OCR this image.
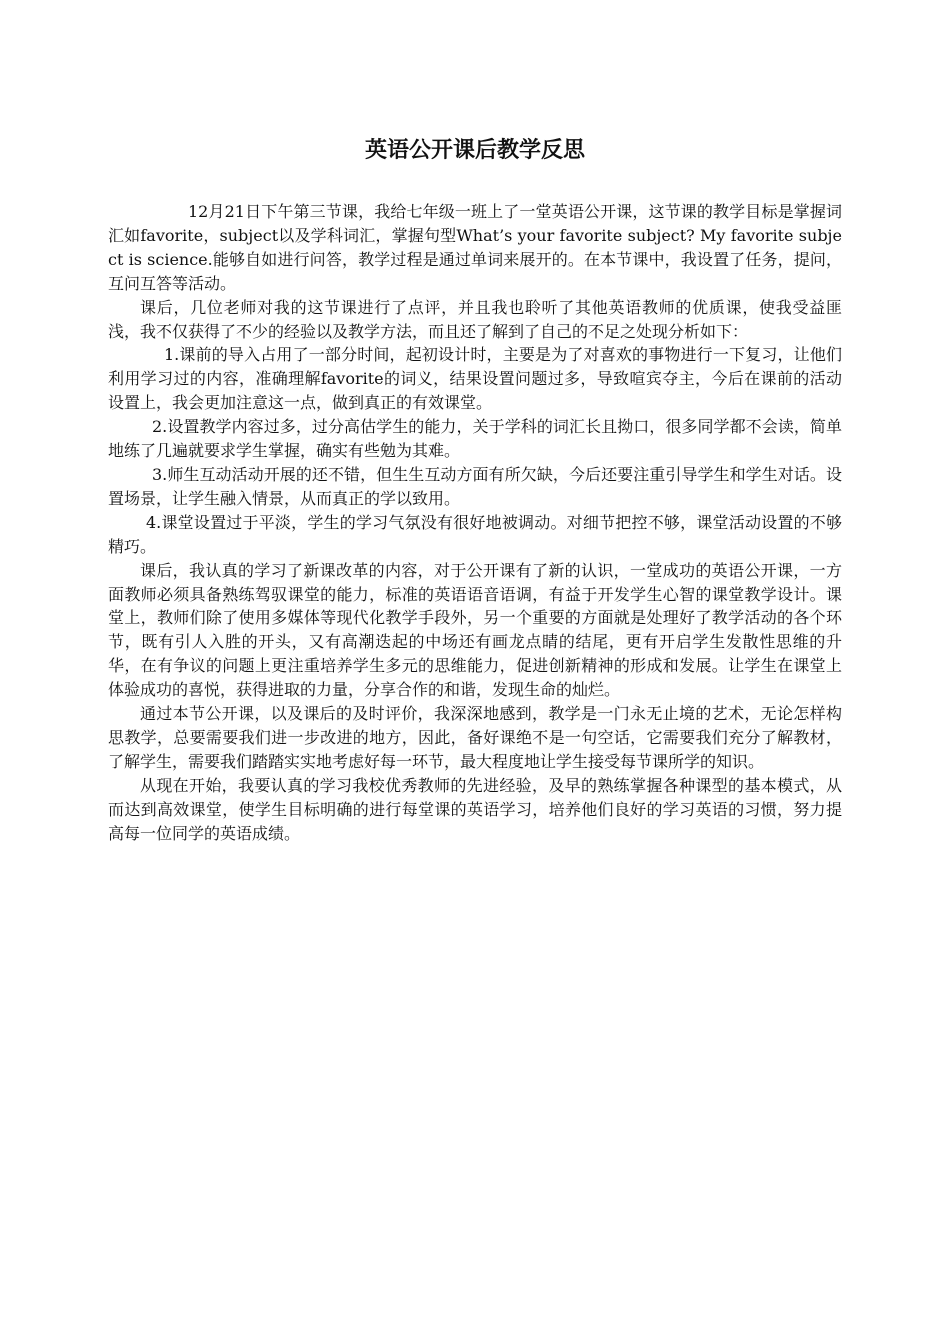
英语公开课后教学反思

12月21日下午第三节课，我给七年级一班上了一堂英语公开课，这节课的教学目标是掌握词汇如favorite，subject以及学科词汇，掌握句型What’s your favorite subject? My favorite subject is science.能够自如进行问答，教学过程是通过单词来展开的。在本节课中，我设置了任务，提问，互问互答等活动。

课后，几位老师对我的这节课进行了点评，并且我也聆听了其他英语教师的优质课，使我受益匪浅，我不仅获得了不少的经验以及教学方法，而且还了解到了自己的不足之处现分析如下：

1.课前的导入占用了一部分时间，起初设计时，主要是为了对喜欢的事物进行一下复习，让他们利用学习过的内容，准确理解favorite的词义，结果设置问题过多，导致喧宾夺主，今后在课前的活动设置上，我会更加注意这一点，做到真正的有效课堂。

2.设置教学内容过多，过分高估学生的能力，关于学科的词汇长且拗口，很多同学都不会读，简单地练了几遍就要求学生掌握，确实有些勉为其难。

3.师生互动活动开展的还不错，但生生互动方面有所欠缺，今后还要注重引导学生和学生对话。设置场景，让学生融入情景，从而真正的学以致用。

4.课堂设置过于平淡，学生的学习气氛没有很好地被调动。对细节把控不够，课堂活动设置的不够精巧。

课后，我认真的学习了新课改革的内容，对于公开课有了新的认识，一堂成功的英语公开课，一方面教师必须具备熟练驾驭课堂的能力，标准的英语语音语调，有益于开发学生心智的课堂教学设计。课堂上，教师们除了使用多媒体等现代化教学手段外，另一个重要的方面就是处理好了教学活动的各个环节，既有引人入胜的开头，又有高潮迭起的中场还有画龙点睛的结尾，更有开启学生发散性思维的升华，在有争议的问题上更注重培养学生多元的思维能力，促进创新精神的形成和发展。让学生在课堂上体验成功的喜悦，获得进取的力量，分享合作的和谐，发现生命的灿烂。

通过本节公开课，以及课后的及时评价，我深深地感到，教学是一门永无止境的艺术，无论怎样构思教学，总要需要我们进一步改进的地方，因此，备好课绝不是一句空话，它需要我们充分了解教材，了解学生，需要我们踏踏实实地考虑好每一环节，最大程度地让学生接受每节课所学的知识。

从现在开始，我要认真的学习我校优秀教师的先进经验，及早的熟练掌握各种课型的基本模式，从而达到高效课堂，使学生目标明确的进行每堂课的英语学习，培养他们良好的学习英语的习惯，努力提高每一位同学的英语成绩。
